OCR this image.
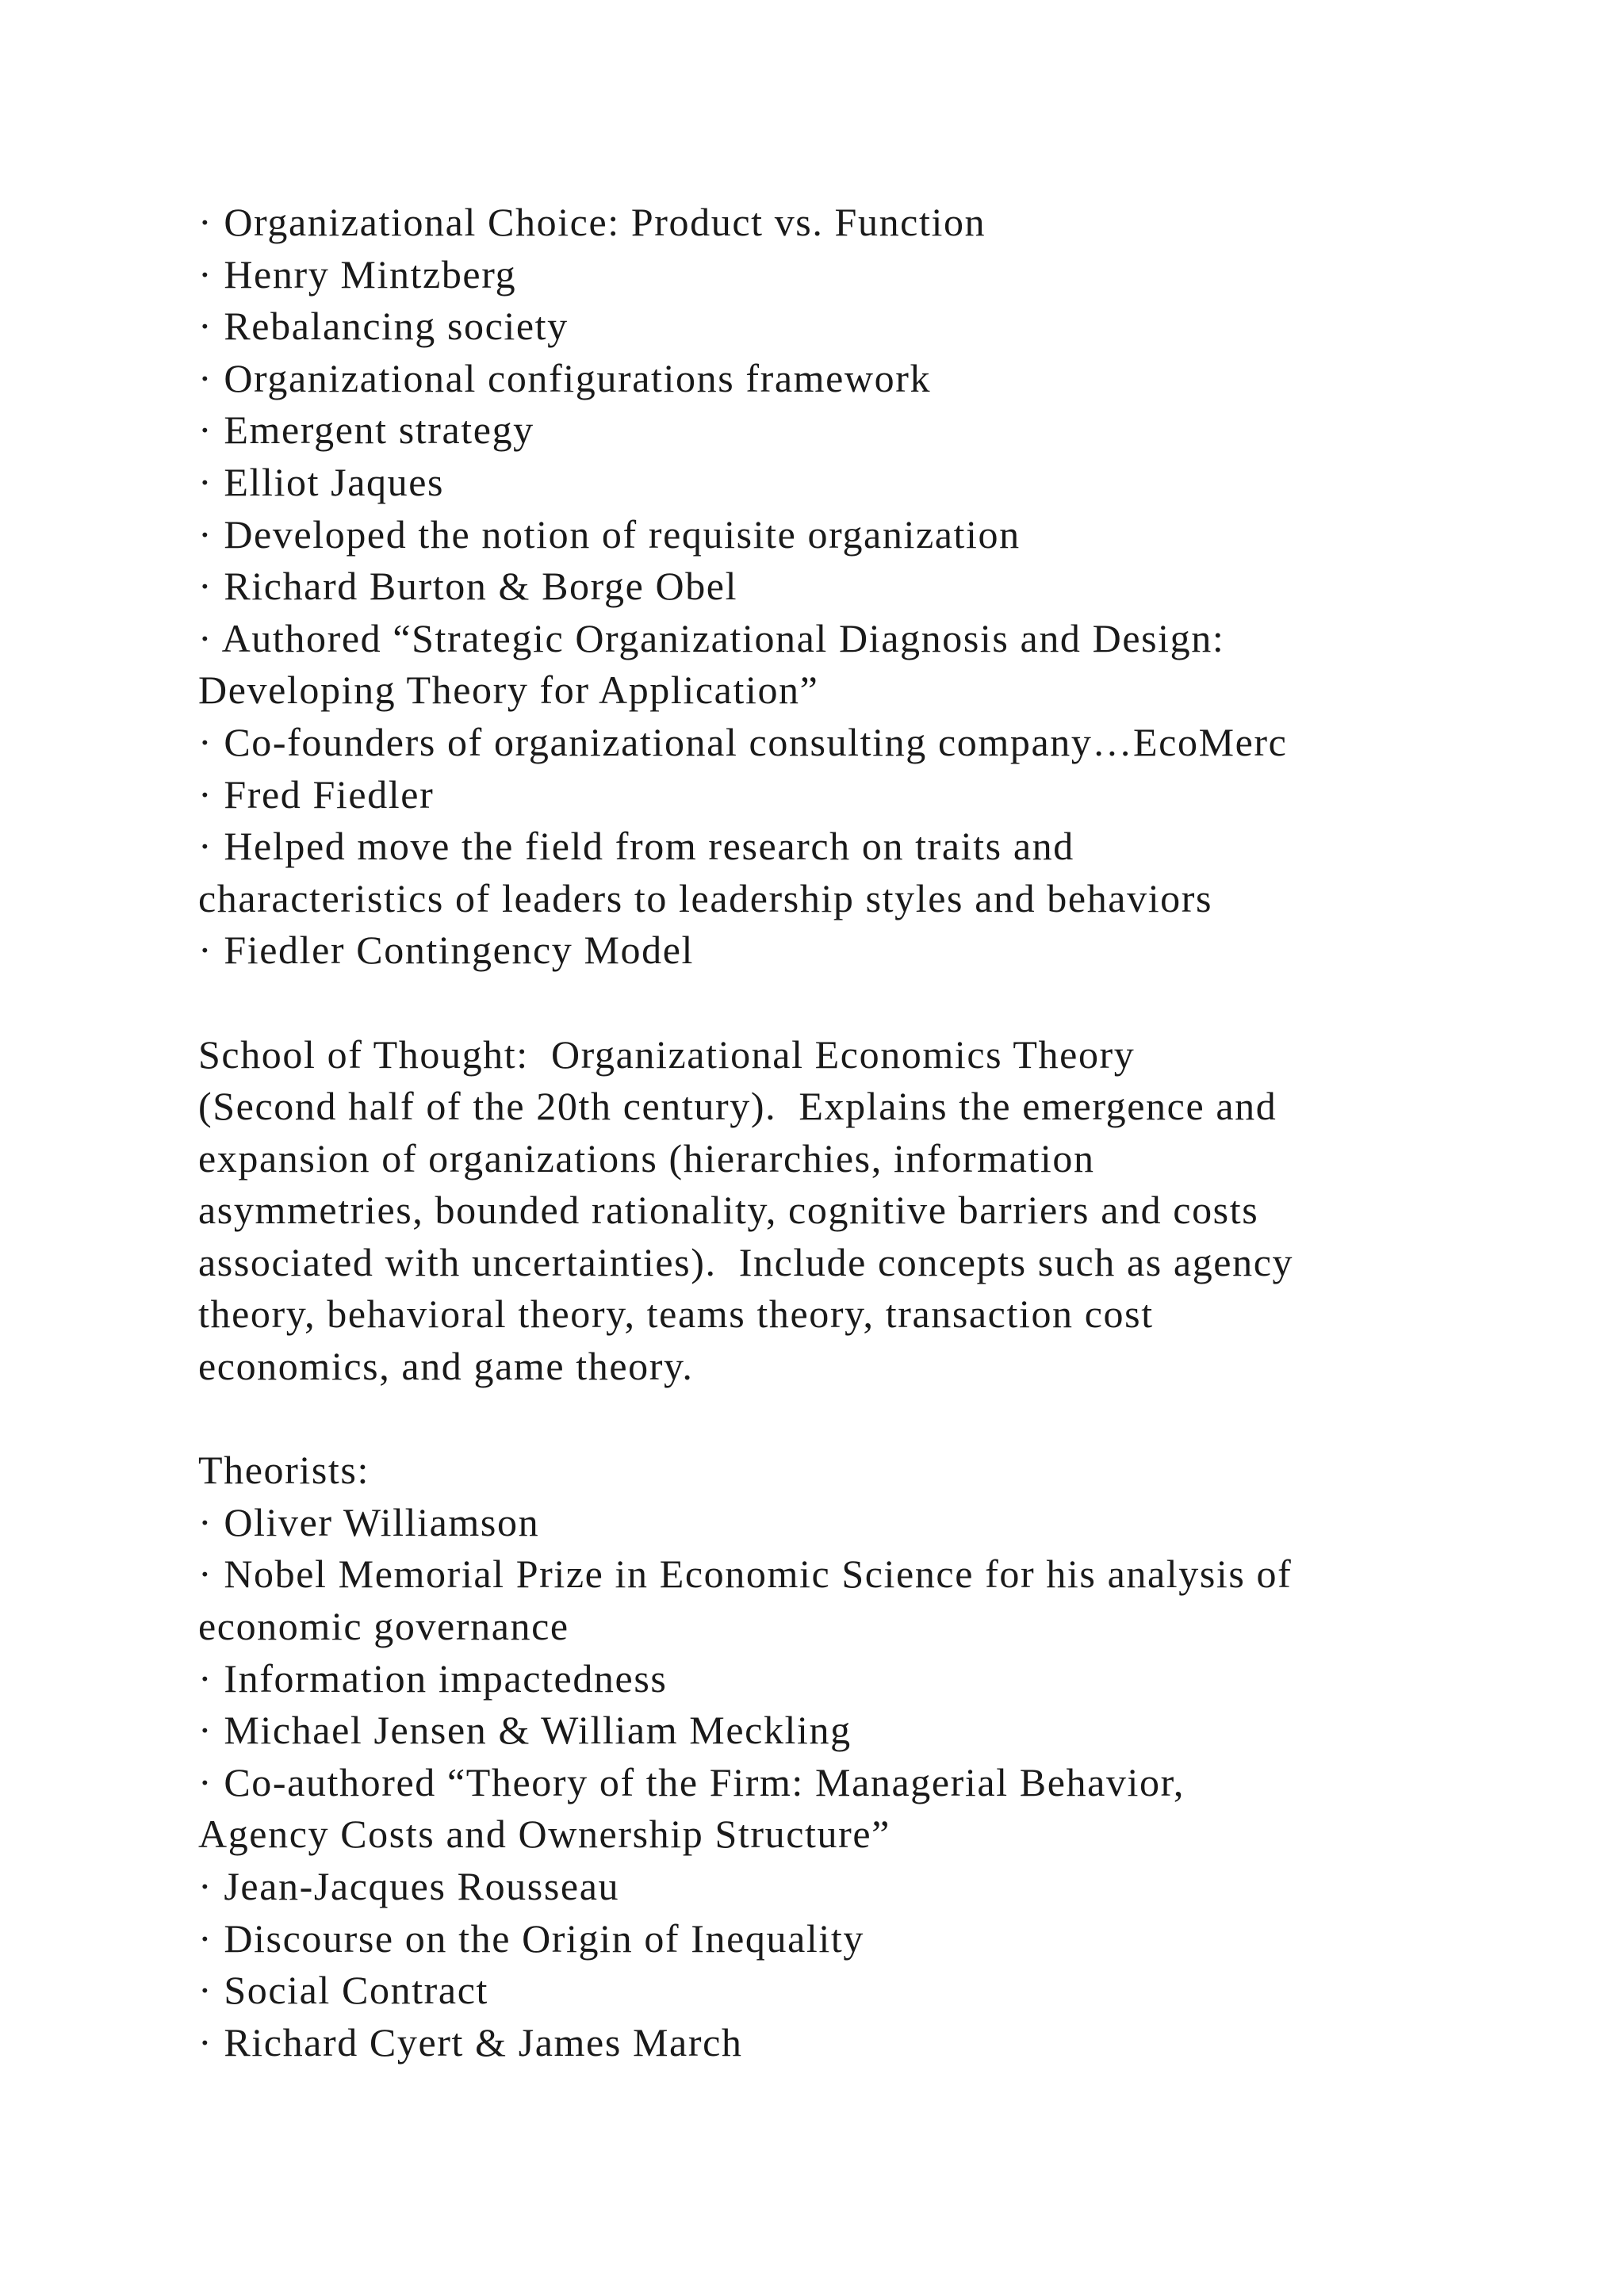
· Organizational Choice: Product vs. Function
· Henry Mintzberg
· Rebalancing society
· Organizational configurations framework
· Emergent strategy
· Elliot Jaques
· Developed the notion of requisite organization
· Richard Burton & Borge Obel
· Authored “Strategic Organizational Diagnosis and Design:
Developing Theory for Application”
· Co-founders of organizational consulting company…EcoMerc
· Fred Fiedler
· Helped move the field from research on traits and
characteristics of leaders to leadership styles and behaviors
· Fiedler Contingency Model
School of Thought:  Organizational Economics Theory
(Second half of the 20th century).  Explains the emergence and
expansion of organizations (hierarchies, information
asymmetries, bounded rationality, cognitive barriers and costs
associated with uncertainties).  Include concepts such as agency
theory, behavioral theory, teams theory, transaction cost
economics, and game theory.
Theorists:
· Oliver Williamson
· Nobel Memorial Prize in Economic Science for his analysis of
economic governance
· Information impactedness
· Michael Jensen & William Meckling
· Co-authored “Theory of the Firm: Managerial Behavior,
Agency Costs and Ownership Structure”
· Jean-Jacques Rousseau
· Discourse on the Origin of Inequality
· Social Contract
· Richard Cyert & James March
